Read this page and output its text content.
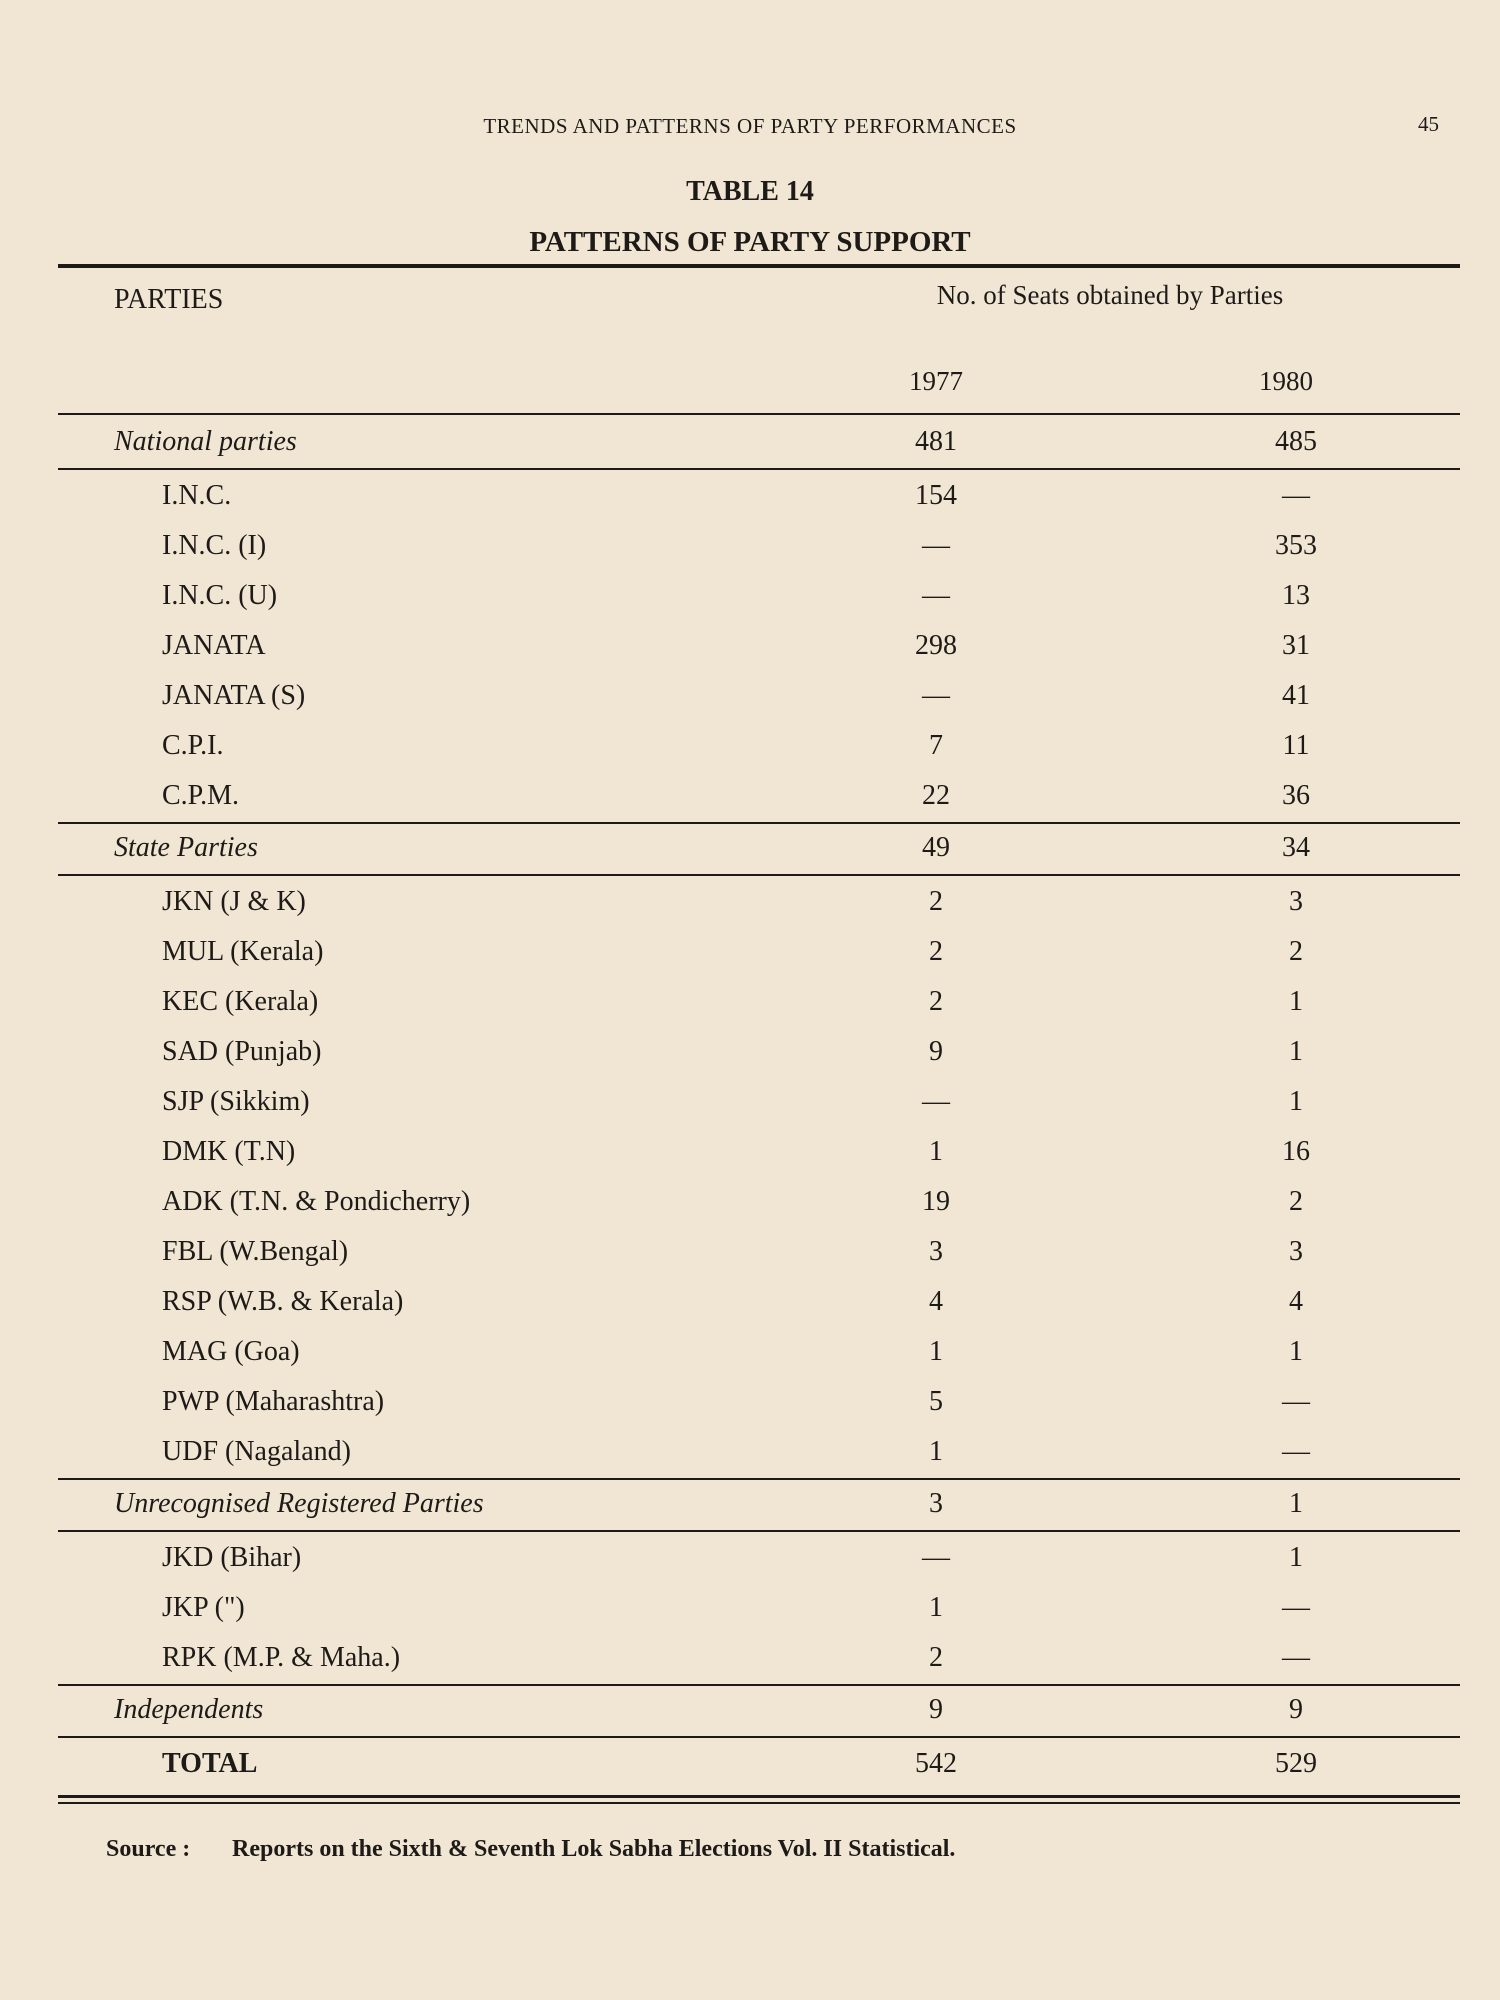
TRENDS AND PATTERNS OF PARTY PERFORMANCES	45
TABLE 14
PATTERNS OF PARTY SUPPORT
PARTIES	No. of Seats obtained by Parties
1977	1980
National parties	481	485
I.N.C.	154	—
I.N.C. (I)	—	353
I.N.C. (U)	—	13
JANATA	298	31
JANATA (S)	—	41
C.P.I.	7	11
C.P.M.	22	36
State Parties	49	34
JKN (J & K)	2	3
MUL (Kerala)	2	2
KEC (Kerala)	2	1
SAD (Punjab)	9	1
SJP (Sikkim)	—	1
DMK (T.N)	1	16
ADK (T.N. & Pondicherry)	19	2
FBL (W.Bengal)	3	3
RSP (W.B. & Kerala)	4	4
MAG (Goa)	1	1
PWP (Maharashtra)	5	—
UDF (Nagaland)	1	—
Unrecognised Registered Parties	3	1
JKD (Bihar)	—	1
JKP (")	1	—
RPK (M.P. & Maha.)	2	—
Independents	9	9
TOTAL	542	529
Source : Reports on the Sixth & Seventh Lok Sabha Elections Vol. II Statistical.
